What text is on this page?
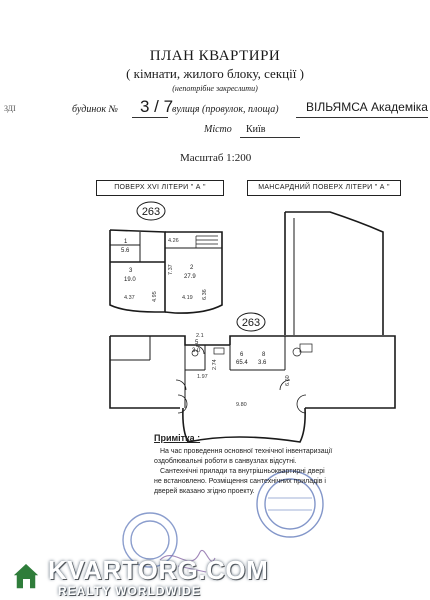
ПЛАН КВАРТИРИ
( кімнати, жилого блоку, секції )
(непотрібне закреслити)
ЗДІ	будинок № 3 / 7
вулиця (провулок, площа) ВІЛЬЯМСА Академіка
Місто Київ
Масштаб 1:200
ПОВЕРХ XVI ЛІТЕРИ " А "	МАНСАРДНИЙ ПОВЕРХ ЛІТЕРИ " А "
263
263
1
5.6
2
27.9
3
19.0
5
3.0
6
65.4
8
3.6
4.26
7.37
4.95	6.36
4.37	4.19
1.97
2.74
6.60
9.80
2.1
Примітка :
На час проведення основної технічної інвентаризації
оздоблювальні роботи в санвузлах відсутні.
Сантехнічні прилади та внутрішньоквартирні двері
не встановлено. Розміщення сантехнічних приладів і
дверей вказано згідно проекту.
KVARTORG.COM
REALTY WORLDWIDE
